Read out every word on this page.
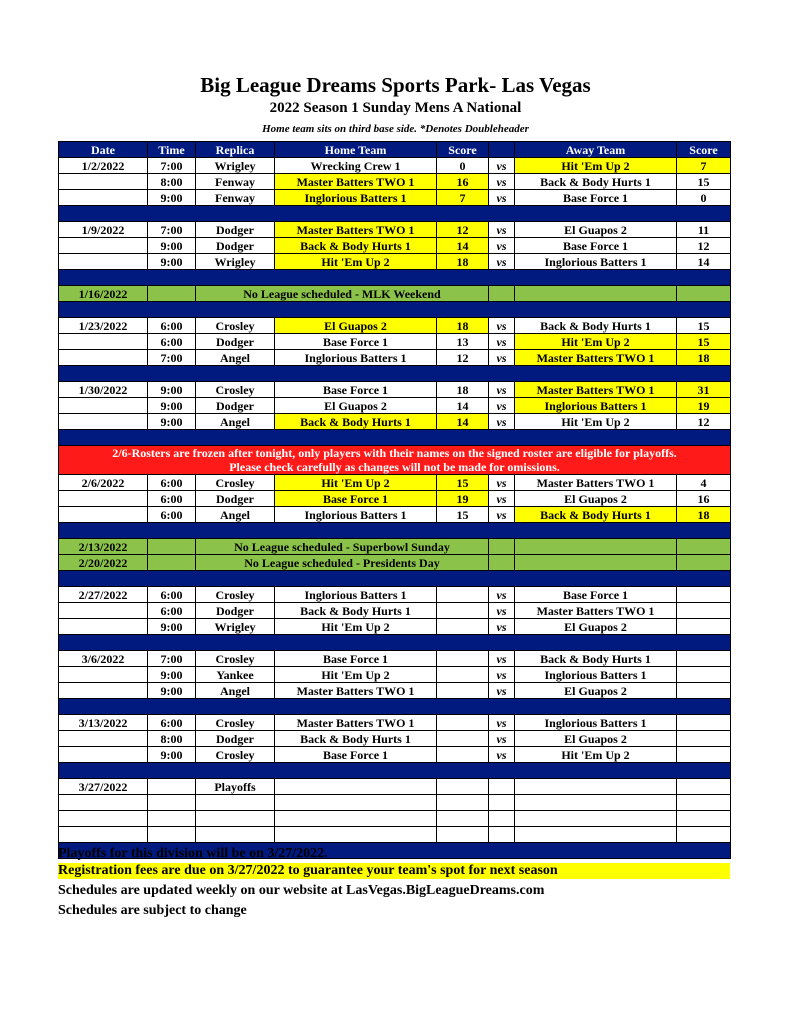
Big League Dreams Sports Park- Las Vegas
2022 Season 1 Sunday Mens A National
Home team sits on third base side. *Denotes Doubleheader
Date	Time	Replica	Home Team	Score		Away Team	Score
1/2/2022	7:00	Wrigley	Wrecking Crew 1	0	vs	Hit 'Em Up 2	7
	8:00	Fenway	Master Batters TWO 1	16	vs	Back & Body Hurts 1	15
	9:00	Fenway	Inglorious Batters 1	7	vs	Base Force 1	0

1/9/2022	7:00	Dodger	Master Batters TWO 1	12	vs	El Guapos 2	11
	9:00	Dodger	Back & Body Hurts 1	14	vs	Base Force 1	12
	9:00	Wrigley	Hit 'Em Up 2	18	vs	Inglorious Batters 1	14

1/16/2022		No League scheduled - MLK Weekend					

1/23/2022	6:00	Crosley	El Guapos 2	18	vs	Back & Body Hurts 1	15
	6:00	Dodger	Base Force 1	13	vs	Hit 'Em Up 2	15
	7:00	Angel	Inglorious Batters 1	12	vs	Master Batters TWO 1	18

1/30/2022	9:00	Crosley	Base Force 1	18	vs	Master Batters TWO 1	31
	9:00	Dodger	El Guapos 2	14	vs	Inglorious Batters 1	19
	9:00	Angel	Back & Body Hurts 1	14	vs	Hit 'Em Up 2	12

2/6-Rosters are frozen after tonight, only players with their names on the signed roster are eligible for playoffs.
Please check carefully as changes will not be made for omissions.							

2/6/2022	6:00	Crosley	Hit 'Em Up 2	15	vs	Master Batters TWO 1	4
	6:00	Dodger	Base Force 1	19	vs	El Guapos 2	16
	6:00	Angel	Inglorious Batters 1	15	vs	Back & Body Hurts 1	18

2/13/2022		No League scheduled - Superbowl Sunday					
2/20/2022		No League scheduled - Presidents Day					

2/27/2022	6:00	Crosley	Inglorious Batters 1		vs	Base Force 1	
	6:00	Dodger	Back & Body Hurts 1		vs	Master Batters TWO 1	
	9:00	Wrigley	Hit 'Em Up 2		vs	El Guapos 2	

3/6/2022	7:00	Crosley	Base Force 1		vs	Back & Body Hurts 1	
	9:00	Yankee	Hit 'Em Up 2		vs	Inglorious Batters 1	
	9:00	Angel	Master Batters TWO 1		vs	El Guapos 2	

3/13/2022	6:00	Crosley	Master Batters TWO 1		vs	Inglorious Batters 1	
	8:00	Dodger	Back & Body Hurts 1		vs	El Guapos 2	
	9:00	Crosley	Base Force 1		vs	Hit 'Em Up 2	

3/27/2022		Playoffs					

Playoffs for this division will be on 3/27/2022.
Registration fees are due on 3/27/2022 to guarantee your team's spot for next season
Schedules are updated weekly on our website at LasVegas.BigLeagueDreams.com
Schedules are subject to change
